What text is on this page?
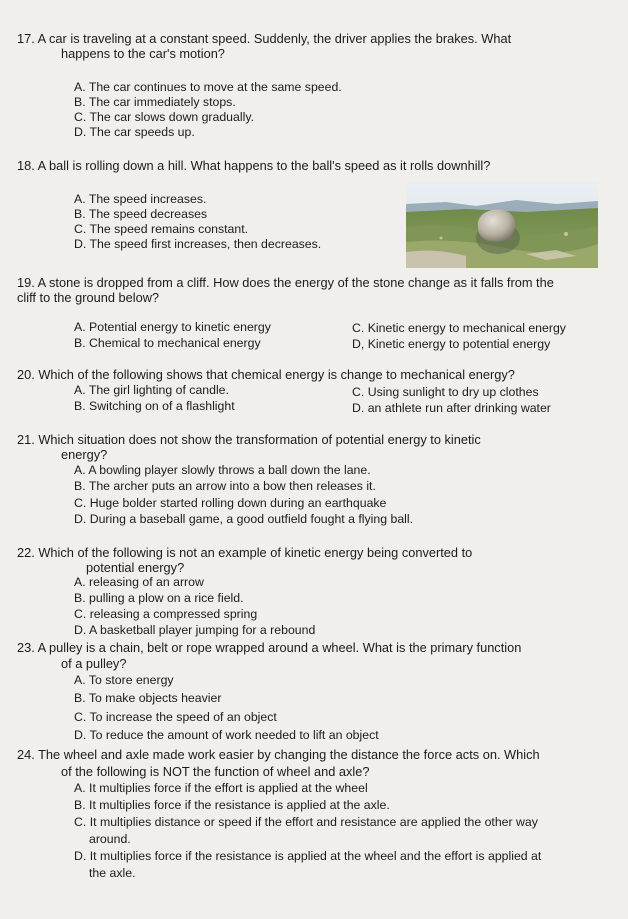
17. A car is traveling at a constant speed. Suddenly, the driver applies the brakes. What
happens to the car's motion?
A. The car continues to move at the same speed.
B. The car immediately stops.
C. The car slows down gradually.
D. The car speeds up.
18. A ball is rolling down a hill. What happens to the ball's speed as it rolls downhill?
A. The speed increases.
B. The speed decreases
C. The speed remains constant.
D. The speed first increases, then decreases.
19. A stone is dropped from a cliff. How does the energy of the stone change as it falls from the
cliff to the ground below?
A. Potential energy to kinetic energy
B. Chemical to mechanical energy
C. Kinetic energy to mechanical energy
D, Kinetic energy to potential energy
20. Which of the following shows that chemical energy is change to mechanical energy?
A. The girl lighting of candle.
B. Switching on of a flashlight
C. Using sunlight to dry up clothes
D. an athlete run after drinking water
21. Which situation does not show the transformation of potential energy to kinetic
energy?
A. A bowling player slowly throws a ball down the lane.
B. The archer puts an arrow into a bow then releases it.
C. Huge bolder started rolling down during an earthquake
D. During a baseball game, a good outfield fought a flying ball.
22. Which of the following is not an example of kinetic energy being converted to
potential energy?
A. releasing of an arrow
B. pulling a plow on a rice field.
C. releasing a compressed spring
D. A basketball player jumping for a rebound
23. A pulley is a chain, belt or rope wrapped around a wheel. What is the primary function
of a pulley?
A. To store energy
B. To make objects heavier
C. To increase the speed of an object
D. To reduce the amount of work needed to lift an object
24. The wheel and axle made work easier by changing the distance the force acts on. Which
of the following is NOT the function of wheel and axle?
A. It multiplies force if the effort is applied at the wheel
B. It multiplies force if the resistance is applied at the axle.
C. It multiplies distance or speed if the effort and resistance are applied the other way
around.
D. It multiplies force if the resistance is applied at the wheel and the effort is applied at
the axle.
